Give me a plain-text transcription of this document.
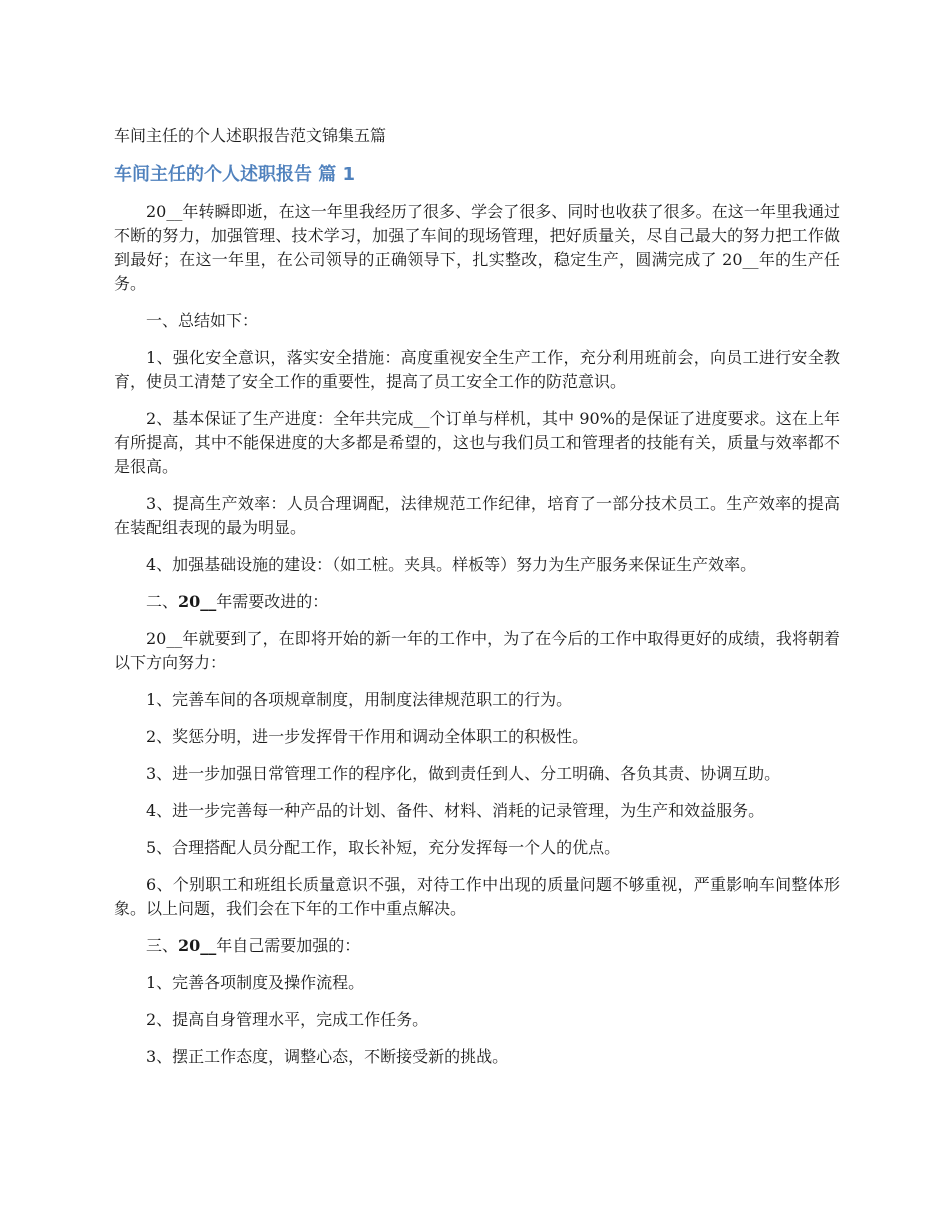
车间主任的个人述职报告范文锦集五篇
车间主任的个人述职报告 篇 1

20__年转瞬即逝，在这一年里我经历了很多、学会了很多、同时也收获了很多。在这一年里我通过不断的努力，加强管理、技术学习，加强了车间的现场管理，把好质量关，尽自己最大的努力把工作做到最好；在这一年里，在公司领导的正确领导下，扎实整改，稳定生产，圆满完成了 20__年的生产任务。

一、总结如下：

1、强化安全意识，落实安全措施：高度重视安全生产工作，充分利用班前会，向员工进行安全教育，使员工清楚了安全工作的重要性，提高了员工安全工作的防范意识。

2、基本保证了生产进度：全年共完成__个订单与样机，其中 90%的是保证了进度要求。这在上年有所提高，其中不能保进度的大多都是希望的，这也与我们员工和管理者的技能有关，质量与效率都不是很高。

3、提高生产效率：人员合理调配，法律规范工作纪律，培育了一部分技术员工。生产效率的提高在装配组表现的最为明显。

4、加强基础设施的建设：（如工桩。夹具。样板等）努力为生产服务来保证生产效率。

二、20__年需要改进的：

20__年就要到了，在即将开始的新一年的工作中，为了在今后的工作中取得更好的成绩，我将朝着以下方向努力：

1、完善车间的各项规章制度，用制度法律规范职工的行为。

2、奖惩分明，进一步发挥骨干作用和调动全体职工的积极性。

3、进一步加强日常管理工作的程序化，做到责任到人、分工明确、各负其责、协调互助。

4、进一步完善每一种产品的计划、备件、材料、消耗的记录管理，为生产和效益服务。

5、合理搭配人员分配工作，取长补短，充分发挥每一个人的优点。

6、个别职工和班组长质量意识不强，对待工作中出现的质量问题不够重视，严重影响车间整体形象。以上问题，我们会在下年的工作中重点解决。

三、20__年自己需要加强的：

1、完善各项制度及操作流程。

2、提高自身管理水平，完成工作任务。

3、摆正工作态度，调整心态，不断接受新的挑战。
